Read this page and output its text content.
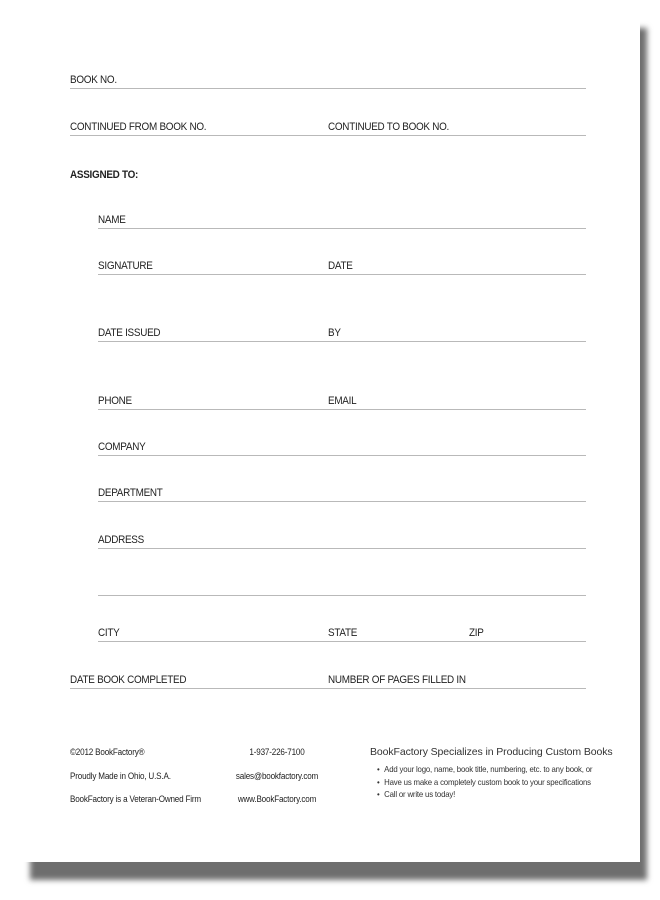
BOOK NO.
CONTINUED FROM BOOK NO.	CONTINUED TO BOOK NO.
ASSIGNED TO:
NAME
SIGNATURE	DATE
DATE ISSUED	BY
PHONE	EMAIL
COMPANY
DEPARTMENT
ADDRESS
CITY	STATE	ZIP
DATE BOOK COMPLETED	NUMBER OF PAGES FILLED IN
©2012 BookFactory®
Proudly Made in Ohio, U.S.A.
BookFactory is a Veteran-Owned Firm
1-937-226-7100
sales@bookfactory.com
www.BookFactory.com
BookFactory Specializes in Producing Custom Books
• Add your logo, name, book title, numbering, etc. to any book, or
• Have us make a completely custom book to your specifications
• Call or write us today!
